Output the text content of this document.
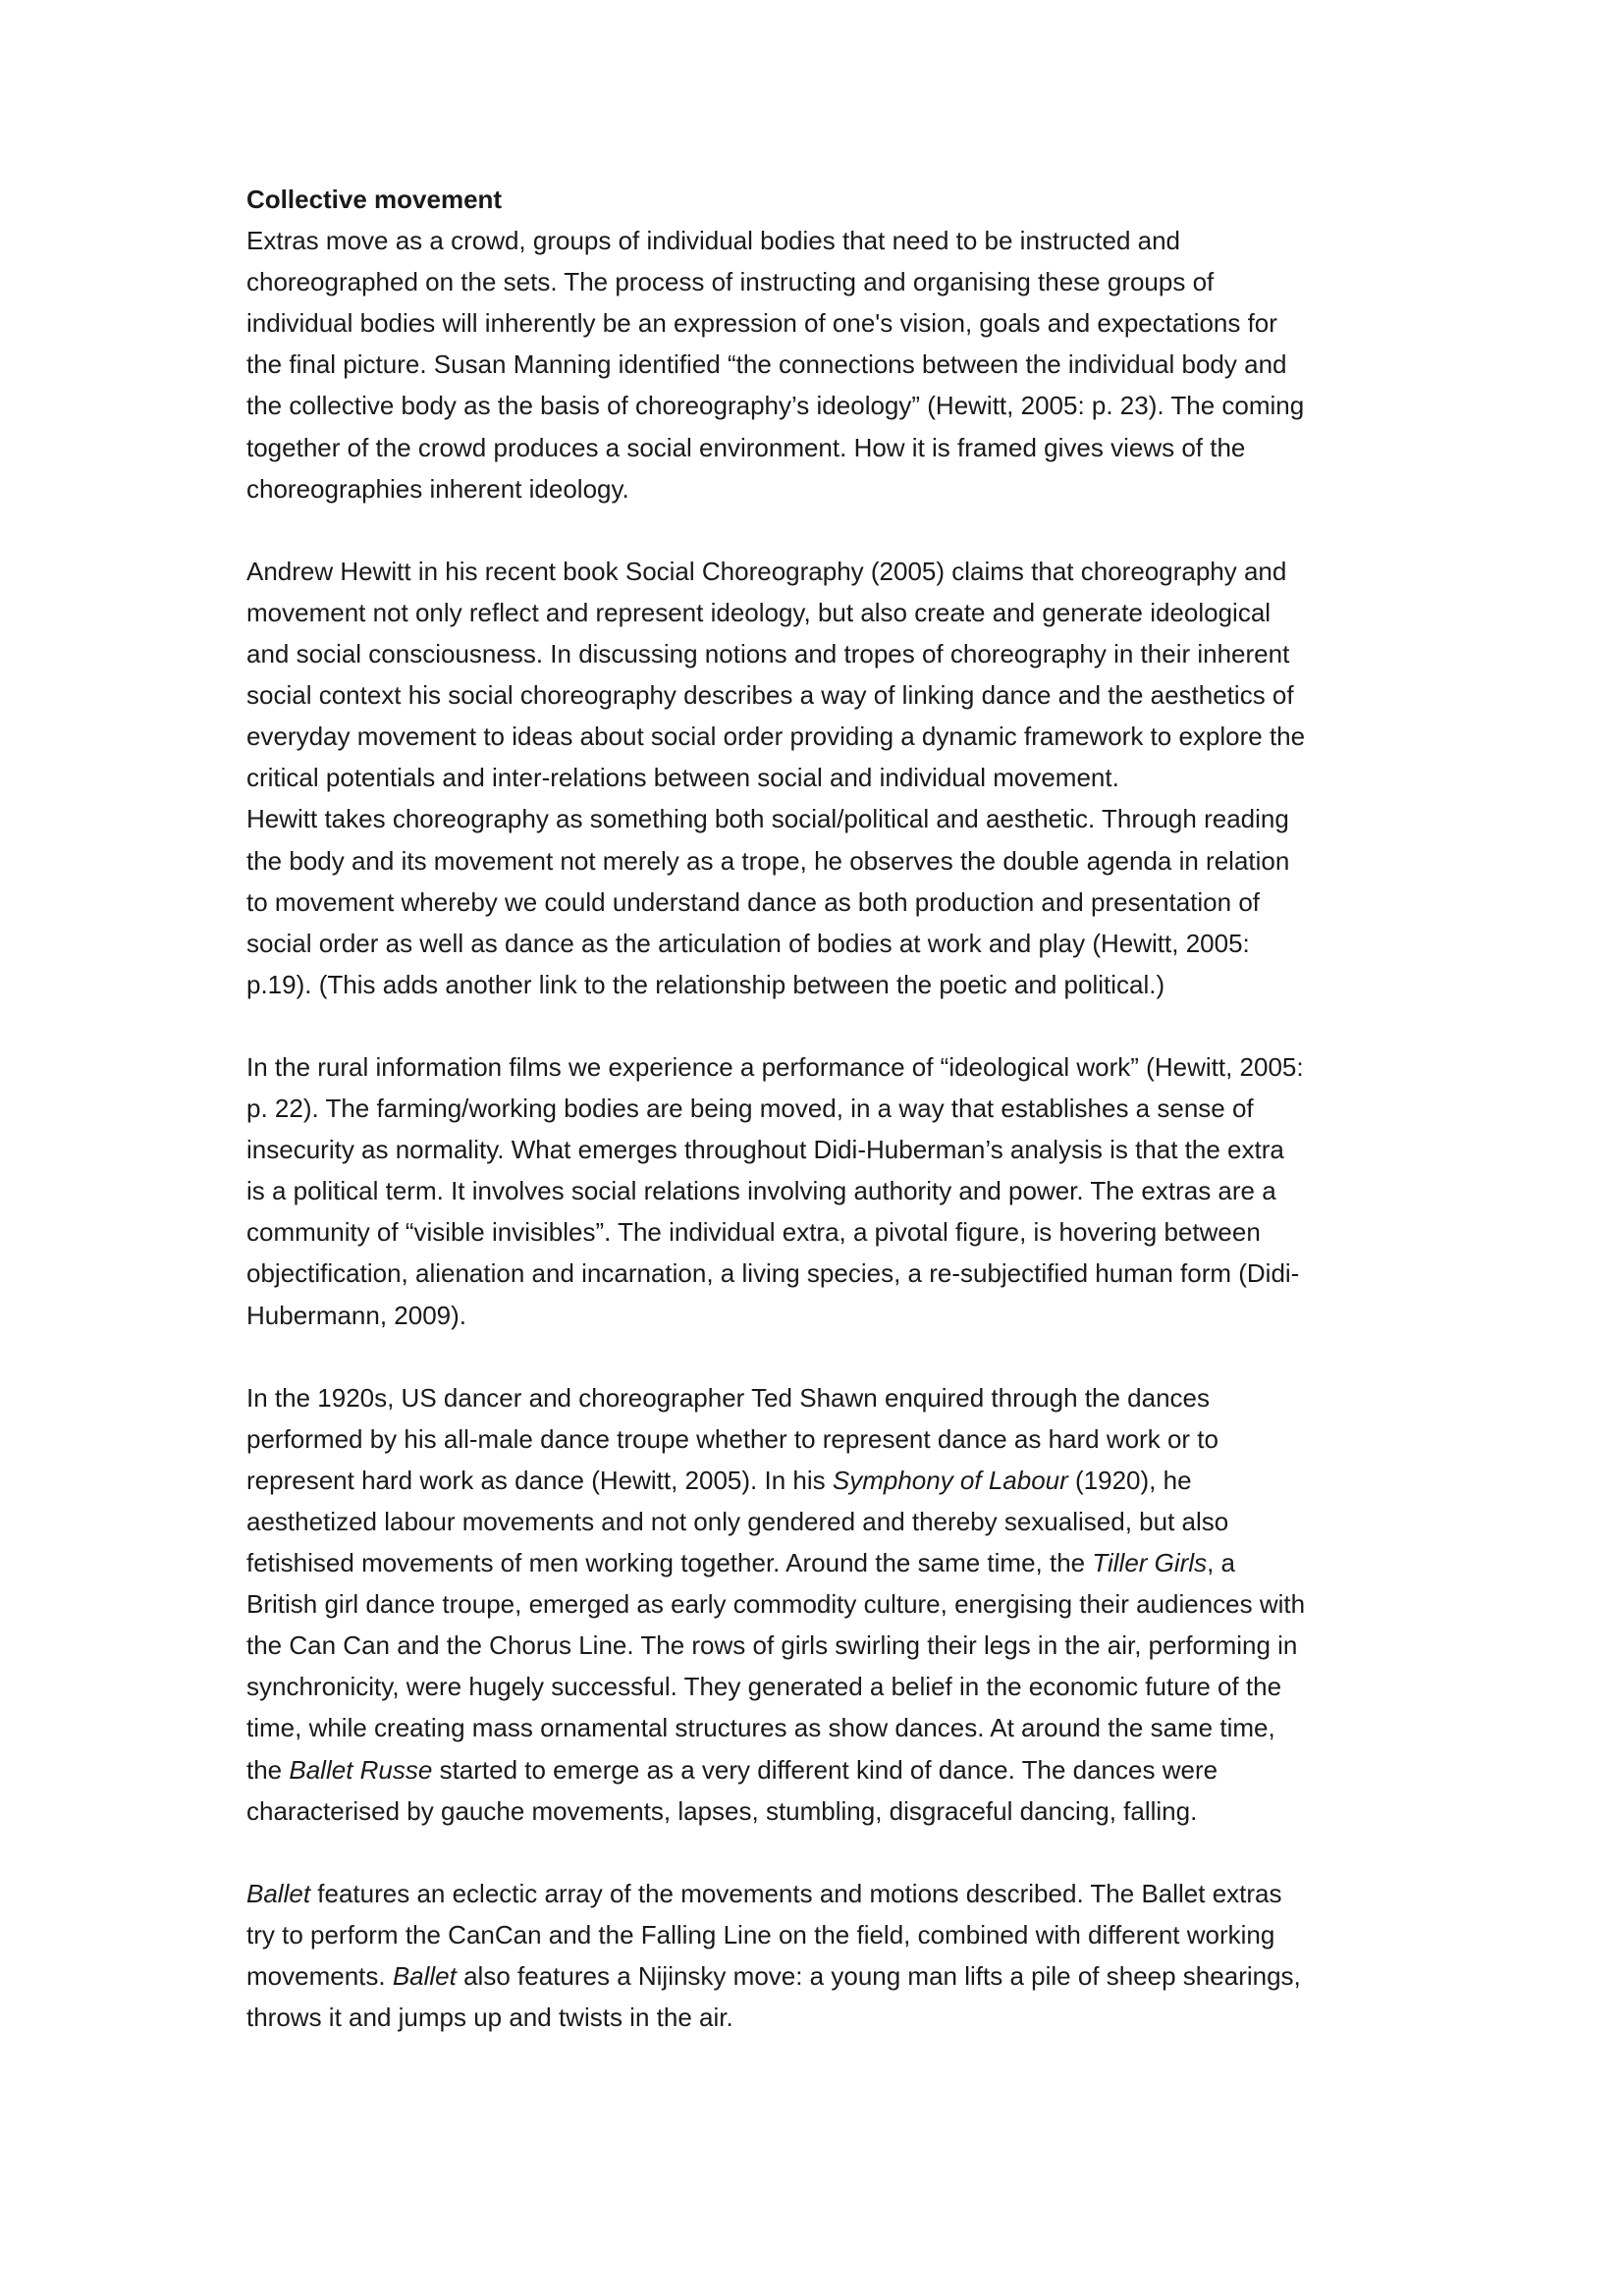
Collective movement
Extras move as a crowd, groups of individual bodies that need to be instructed and
choreographed on the sets. The process of instructing and organising these groups of
individual bodies will inherently be an expression of one's vision, goals and expectations for
the final picture. Susan Manning identified “the connections between the individual body and
the collective body as the basis of choreography’s ideology” (Hewitt, 2005: p. 23). The coming
together of the crowd produces a social environment. How it is framed gives views of the
choreographies inherent ideology.
Andrew Hewitt in his recent book Social Choreography (2005) claims that choreography and
movement not only reflect and represent ideology, but also create and generate ideological
and social consciousness. In discussing notions and tropes of choreography in their inherent
social context his social choreography describes a way of linking dance and the aesthetics of
everyday movement to ideas about social order providing a dynamic framework to explore the
critical potentials and inter-relations between social and individual movement.
Hewitt takes choreography as something both social/political and aesthetic. Through reading
the body and its movement not merely as a trope, he observes the double agenda in relation
to movement whereby we could understand dance as both production and presentation of
social order as well as dance as the articulation of bodies at work and play (Hewitt, 2005:
p.19). (This adds another link to the relationship between the poetic and political.)
In the rural information films we experience a performance of “ideological work” (Hewitt, 2005:
p. 22). The farming/working bodies are being moved, in a way that establishes a sense of
insecurity as normality. What emerges throughout Didi-Huberman’s analysis is that the extra
is a political term. It involves social relations involving authority and power. The extras are a
community of “visible invisibles”. The individual extra, a pivotal figure, is hovering between
objectification, alienation and incarnation, a living species, a re-subjectified human form (Didi-
Hubermann, 2009).
In the 1920s, US dancer and choreographer Ted Shawn enquired through the dances
performed by his all-male dance troupe whether to represent dance as hard work or to
represent hard work as dance (Hewitt, 2005). In his Symphony of Labour (1920), he
aesthetized labour movements and not only gendered and thereby sexualised, but also
fetishised movements of men working together. Around the same time, the Tiller Girls, a
British girl dance troupe, emerged as early commodity culture, energising their audiences with
the Can Can and the Chorus Line. The rows of girls swirling their legs in the air, performing in
synchronicity, were hugely successful. They generated a belief in the economic future of the
time, while creating mass ornamental structures as show dances. At around the same time,
the Ballet Russe started to emerge as a very different kind of dance. The dances were
characterised by gauche movements, lapses, stumbling, disgraceful dancing, falling.
Ballet features an eclectic array of the movements and motions described. The Ballet extras
try to perform the CanCan and the Falling Line on the field, combined with different working
movements. Ballet also features a Nijinsky move: a young man lifts a pile of sheep shearings,
throws it and jumps up and twists in the air.
